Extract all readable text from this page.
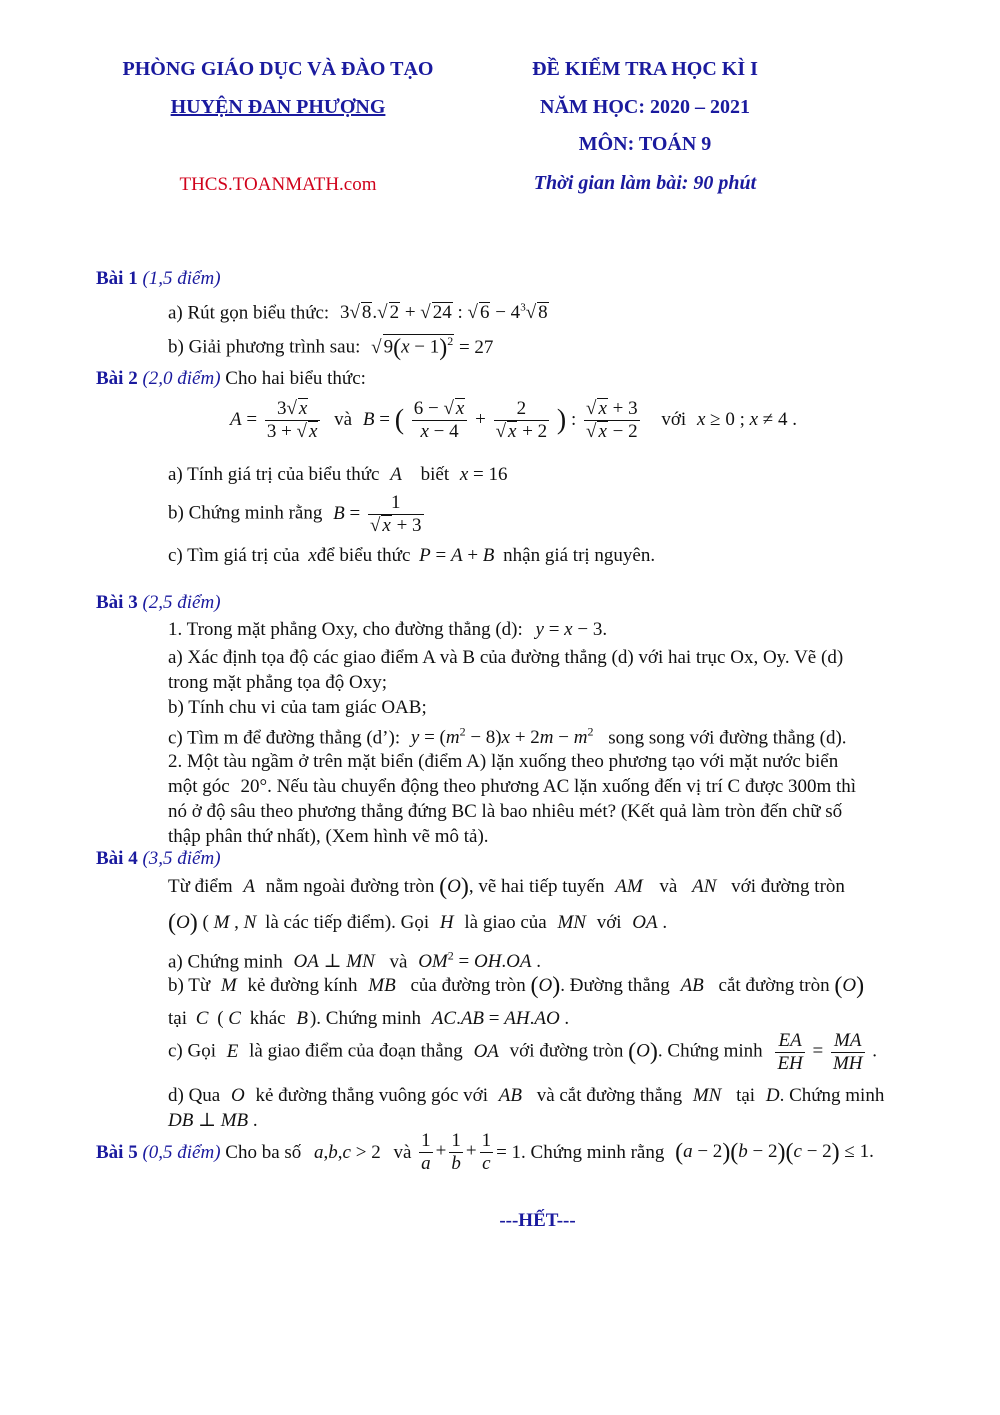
PHÒNG GIÁO DỤC VÀ ĐÀO TẠO
HUYỆN ĐAN PHƯỢNG
THCS.TOANMATH.com
ĐỀ KIỂM TRA HỌC KÌ I
NĂM HỌC: 2020 – 2021
MÔN: TOÁN 9
Thời gian làm bài: 90 phút
Bài 1 (1,5 điểm)
a) Rút gọn biểu thức: 3√ 8.√ 2 + √ 24 : √ $6 - 4^3√$ 8
b) Giải phương trình sau: √ $9(x - 1)^2 = 27$
Bài 2 (2,0 điểm) Cho hai biểu thức:
$A = \frac{3√ x}{3 + √ x}$ và B = ( $\frac{6 - √ x}{x - 4} + \frac{2}{√ x + 2}$ ) : $\frac{√ x + 3}{√ x - 2}$ với x ≥ 0 ; x ≠ 4 .
a) Tính giá trị của biểu thức A biết x = 16
b) Chứng minh rằng $B = \frac{1}{√ x + 3}$
c) Tìm giá trị của xđể biểu thức P = A + B nhận giá trị nguyên.
Bài 3 (2,5 điểm)
1. Trong mặt phẳng Oxy, cho đường thẳng (d): y = x − 3.
a) Xác định tọa độ các giao điểm A và B của đường thẳng (d) với hai trục Ox, Oy. Vẽ (d)
trong mặt phẳng tọa độ Oxy;
b) Tính chu vi của tam giác OAB;
c) Tìm m để đường thẳng (d’): $y = (m^2 - 8)x + 2m - m^2$ song song với đường thẳng (d).
2. Một tàu ngầm ở trên mặt biển (điểm A) lặn xuống theo phương tạo với mặt nước biển
một góc 20°. Nếu tàu chuyển động theo phương AC lặn xuống đến vị trí C được 300m thì
nó ở độ sâu theo phương thẳng đứng BC là bao nhiêu mét? (Kết quả làm tròn đến chữ số
thập phân thứ nhất), (Xem hình vẽ mô tả).
Bài 4 (3,5 điểm)
Từ điểm A nằm ngoài đường tròn (O), vẽ hai tiếp tuyến AM và AN với đường tròn
(O) ( M , N là các tiếp điểm). Gọi H là giao của MN với OA .
a) Chứng minh OA ⊥ MN và $OM^2 = OH.OA$ .
b) Từ M kẻ đường kính MB của đường tròn (O). Đường thẳng AB cắt đường tròn (O)
tại C ( C khác B ). Chứng minh AC.AB = AH.AO .
c) Gọi E là giao điểm của đoạn thẳng OA với đường tròn (O). Chứng minh $\frac{EA}{EH} = \frac{MA}{MH}$ .
d) Qua O kẻ đường thẳng vuông góc với AB và cắt đường thẳng MN tại D. Chứng minh
DB ⊥ MB .
Bài 5 (0,5 điểm) Cho ba số a,b,c > 2 và $\frac{1}{a} + \frac{1}{b} + \frac{1}{c} = 1$. Chứng minh rằng (a − 2)(b − 2)(c − 2) ≤ 1.
---HẾT---
